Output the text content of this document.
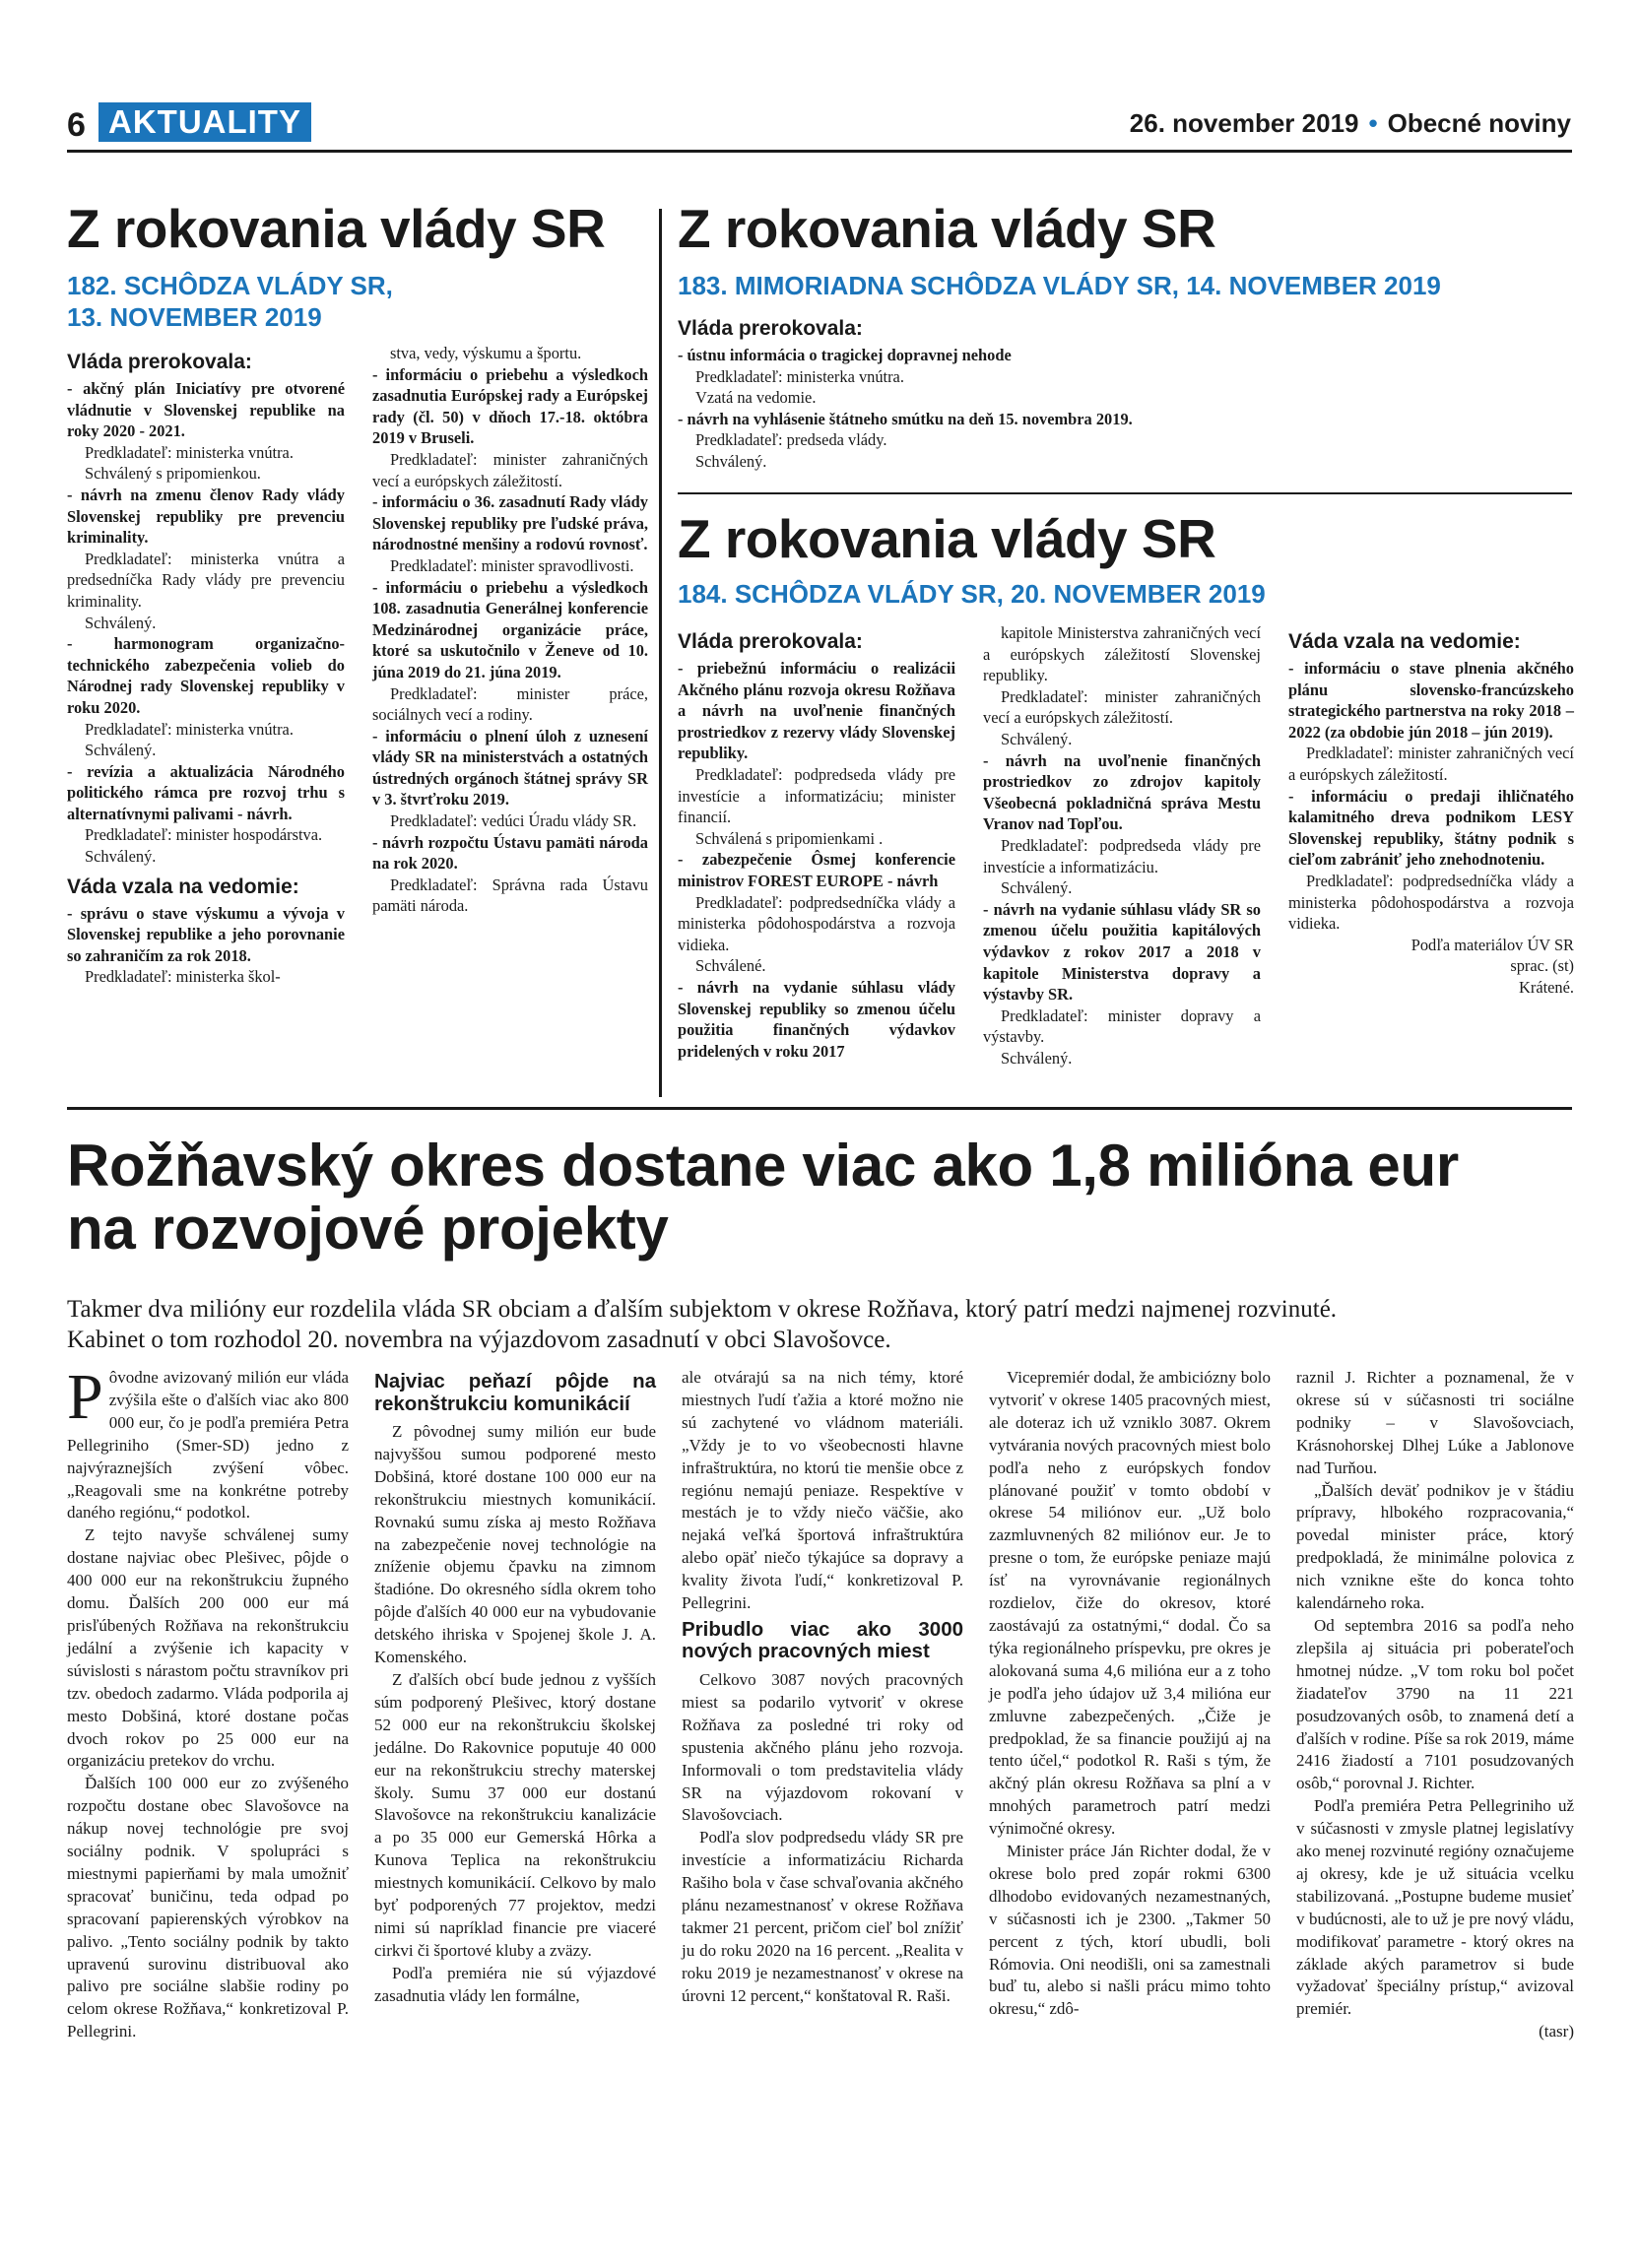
6 AKTUALITY	26. november 2019 • Obecné noviny
Z rokovania vlády SR
182. SCHÔDZA VLÁDY SR,
13. NOVEMBER 2019

Vláda prerokovala:

- akčný plán Iniciatívy pre otvorené vládnutie v Slovenskej republike na roky 2020 - 2021.

Predkladateľ: ministerka vnútra.

Schválený s pripomienkou.

- návrh na zmenu členov Rady vlády Slovenskej republiky pre prevenciu kriminality.

Predkladateľ: ministerka vnútra a predsedníčka Rady vlády pre prevenciu kriminality.

Schválený.

- harmonogram organizačno-technického zabezpečenia volieb do Národnej rady Slovenskej republiky v roku 2020.

Predkladateľ: ministerka vnútra.

Schválený.

- revízia a aktualizácia Národného politického rámca pre rozvoj trhu s alternatívnymi palivami - návrh.

Predkladateľ: minister hospodárstva.

Schválený.

Váda vzala na vedomie:

- správu o stave výskumu a vývoja v Slovenskej republike a jeho porovnanie so zahraničím za rok 2018.

Predkladateľ: ministerka škol-

stva, vedy, výskumu a športu.

- informáciu o priebehu a výsledkoch zasadnutia Európskej rady a Európskej rady (čl. 50) v dňoch 17.-18. októbra 2019 v Bruseli.

Predkladateľ: minister zahraničných vecí a európskych záležitostí.

- informáciu o 36. zasadnutí Rady vlády Slovenskej republiky pre ľudské práva, národnostné menšiny a rodovú rovnosť.

Predkladateľ: minister spravodlivosti.

- informáciu o priebehu a výsledkoch 108. zasadnutia Generálnej konferencie Medzinárodnej organizácie práce, ktoré sa uskutočnilo v Ženeve od 10. júna 2019 do 21. júna 2019.

Predkladateľ: minister práce, sociálnych vecí a rodiny.

- informáciu o plnení úloh z uznesení vlády SR na ministerstvách a ostatných ústredných orgánoch štátnej správy SR v 3. štvrťroku 2019.

Predkladateľ: vedúci Úradu vlády SR.

- návrh rozpočtu Ústavu pamäti národa na rok 2020.

Predkladateľ: Správna rada Ústavu pamäti národa.

Z rokovania vlády SR
183. MIMORIADNA SCHÔDZA VLÁDY SR, 14. NOVEMBER 2019
Vláda prerokovala:

- ústnu informácia o tragickej dopravnej nehode

Predkladateľ: ministerka vnútra.

Vzatá na vedomie.

- návrh na vyhlásenie štátneho smútku na deň 15. novembra 2019.

Predkladateľ: predseda vlády.

Schválený.

Z rokovania vlády SR
184. SCHÔDZA VLÁDY SR, 20. NOVEMBER 2019

Vláda prerokovala:

- priebežnú informáciu o realizácii Akčného plánu rozvoja okresu Rožňava a návrh na uvoľnenie finančných prostriedkov z rezervy vlády Slovenskej republiky.

Predkladateľ: podpredseda vlády pre investície a informatizáciu; minister financií.

Schválená s pripomienkami .

- zabezpečenie Ôsmej konferencie ministrov FOREST EUROPE - návrh

Predkladateľ: podpredsedníčka vlády a ministerka pôdohospodárstva a rozvoja vidieka.

Schválené.

- návrh na vydanie súhlasu vlády Slovenskej republiky so zmenou účelu použitia finančných výdavkov pridelených v roku 2017

kapitole Ministerstva zahraničných vecí a európskych záležitostí Slovenskej republiky.

Predkladateľ: minister zahraničných vecí a európskych záležitostí.

Schválený.

- návrh na uvoľnenie finančných prostriedkov zo zdrojov kapitoly Všeobecná pokladničná správa Mestu Vranov nad Topľou.

Predkladateľ: podpredseda vlády pre investície a informatizáciu.

Schválený.

- návrh na vydanie súhlasu vlády SR so zmenou účelu použitia kapitálových výdavkov z rokov 2017 a 2018 v kapitole Ministerstva dopravy a výstavby SR.

Predkladateľ: minister dopravy a výstavby.

Schválený.

Váda vzala na vedomie:

- informáciu o stave plnenia akčného plánu slovensko-francúzskeho strategického partnerstva na roky 2018 – 2022 (za obdobie jún 2018 – jún 2019).

Predkladateľ: minister zahraničných vecí a európskych záležitostí.

- informáciu o predaji ihličnatého kalamitného dreva podnikom LESY Slovenskej republiky, štátny podnik s cieľom zabrániť jeho znehodnoteniu.

Predkladateľ: podpredsedníčka vlády a ministerka pôdohospodárstva a rozvoja vidieka.

Podľa materiálov ÚV SR

sprac. (st)

Krátené.

Rožňavský okres dostane viac ako 1,8 milióna eur
na rozvojové projekty
Takmer dva milióny eur rozdelila vláda SR obciam a ďalším subjektom v okrese Rožňava, ktorý patrí medzi najmenej rozvinuté.
Kabinet o tom rozhodol 20. novembra na výjazdovom zasadnutí v obci Slavošovce.
P ôvodne avizovaný milión eur vláda zvýšila ešte o ďalších viac ako 800 000 eur, čo je podľa premiéra Petra Pellegriniho (Smer-SD) jedno z najvýraznejších zvýšení vôbec. „Reagovali sme na konkrétne potreby daného regiónu,“ podotkol.

Z tejto navyše schválenej sumy dostane najviac obec Plešivec, pôjde o 400 000 eur na rekonštrukciu župného domu. Ďalších 200 000 eur má prisľúbených Rožňava na rekonštrukciu jedální a zvýšenie ich kapacity v súvislosti s nárastom počtu stravníkov pri tzv. obedoch zadarmo. Vláda podporila aj mesto Dobšiná, ktoré dostane počas dvoch rokov po 25 000 eur na organizáciu pretekov do vrchu.

Ďalších 100 000 eur zo zvýšeného rozpočtu dostane obec Slavošovce na nákup novej technológie pre svoj sociálny podnik. V spolupráci s miestnymi papierňami by mala umožniť spracovať buničinu, teda odpad po spracovaní papierenských výrobkov na palivo. „Tento sociálny podnik by takto upravenú surovinu distribuoval ako palivo pre sociálne slabšie rodiny po celom okrese Rožňava,“ konkretizoval P. Pellegrini.

Najviac peňazí pôjde na rekonštrukciu komunikácií

Z pôvodnej sumy milión eur bude najvyššou sumou podporené mesto Dobšiná, ktoré dostane 100 000 eur na rekonštrukciu miestnych komunikácií. Rovnakú sumu získa aj mesto Rožňava na zabezpečenie novej technológie na zníženie objemu čpavku na zimnom štadióne. Do okresného sídla okrem toho pôjde ďalších 40 000 eur na vybudovanie detského ihriska v Spojenej škole J. A. Komenského.

Z ďalších obcí bude jednou z vyšších súm podporený Plešivec, ktorý dostane 52 000 eur na rekonštrukciu školskej jedálne. Do Rakovnice poputuje 40 000 eur na rekonštrukciu strechy materskej školy. Sumu 37 000 eur dostanú Slavošovce na rekonštrukciu kanalizácie a po 35 000 eur Gemerská Hôrka a Kunova Teplica na rekonštrukciu miestnych komunikácií. Celkovo by malo byť podporených 77 projektov, medzi nimi sú napríklad financie pre viaceré cirkvi či športové kluby a zväzy.

Podľa premiéra nie sú výjazdové zasadnutia vlády len formálne,

ale otvárajú sa na nich témy, ktoré miestnych ľudí ťažia a ktoré možno nie sú zachytené vo vládnom materiáli. „Vždy je to vo všeobecnosti hlavne infraštruktúra, no ktorú tie menšie obce z regiónu nemajú peniaze. Respektíve v mestách je to vždy niečo väčšie, ako nejaká veľká športová infraštruktúra alebo opäť niečo týkajúce sa dopravy a kvality života ľudí,“ konkretizoval P. Pellegrini.

Pribudlo viac ako 3000 nových pracovných miest

Celkovo 3087 nových pracovných miest sa podarilo vytvoriť v okrese Rožňava za posledné tri roky od spustenia akčného plánu jeho rozvoja. Informovali o tom predstavitelia vlády SR na výjazdovom rokovaní v Slavošovciach.

Podľa slov podpredsedu vlády SR pre investície a informatizáciu Richarda Rašiho bola v čase schvaľovania akčného plánu nezamestnanosť v okrese Rožňava takmer 21 percent, pričom cieľ bol znížiť ju do roku 2020 na 16 percent. „Realita v roku 2019 je nezamestnanosť v okrese na úrovni 12 percent,“ konštatoval R. Raši.

Vicepremiér dodal, že ambiciózny bolo vytvoriť v okrese 1405 pracovných miest, ale doteraz ich už vzniklo 3087. Okrem vytvárania nových pracovných miest bolo podľa neho z európskych fondov plánované použiť v tomto období v okrese 54 miliónov eur. „Už bolo zazmluvnených 82 miliónov eur. Je to presne o tom, že európske peniaze majú ísť na vyrovnávanie regionálnych rozdielov, čiže do okresov, ktoré zaostávajú za ostatnými,“ dodal. Čo sa týka regionálneho príspevku, pre okres je alokovaná suma 4,6 milióna eur a z toho je podľa jeho údajov už 3,4 milióna eur zmluvne zabezpečených. „Čiže je predpoklad, že sa financie použijú aj na tento účel,“ podotkol R. Raši s tým, že akčný plán okresu Rožňava sa plní a v mnohých parametroch patrí medzi výnimočné okresy.

Minister práce Ján Richter dodal, že v okrese bolo pred zopár rokmi 6300 dlhodobo evidovaných nezamestnaných, v súčasnosti ich je 2300. „Takmer 50 percent z tých, ktorí ubudli, boli Rómovia. Oni neodišli, oni sa zamestnali buď tu, alebo si našli prácu mimo tohto okresu,“ zdô-

raznil J. Richter a poznamenal, že v okrese sú v súčasnosti tri sociálne podniky – v Slavošovciach, Krásnohorskej Dlhej Lúke a Jablonove nad Turňou.

„Ďalších deväť podnikov je v štádiu prípravy, hlbokého rozpracovania,“ povedal minister práce, ktorý predpokladá, že minimálne polovica z nich vznikne ešte do konca tohto kalendárneho roka.

Od septembra 2016 sa podľa neho zlepšila aj situácia pri poberateľoch hmotnej núdze. „V tom roku bol počet žiadateľov 3790 na 11 221 posudzovaných osôb, to znamená detí a ďalších v rodine. Píše sa rok 2019, máme 2416 žiadostí a 7101 posudzovaných osôb,“ porovnal J. Richter.

Podľa premiéra Petra Pellegriniho už v súčasnosti v zmysle platnej legislatívy ako menej rozvinuté regióny označujeme aj okresy, kde je už situácia vcelku stabilizovaná. „Postupne budeme musieť v budúcnosti, ale to už je pre nový vládu, modifikovať parametre - ktorý okres na základe akých parametrov si bude vyžadovať špeciálny prístup,“ avizoval premiér.

(tasr)
